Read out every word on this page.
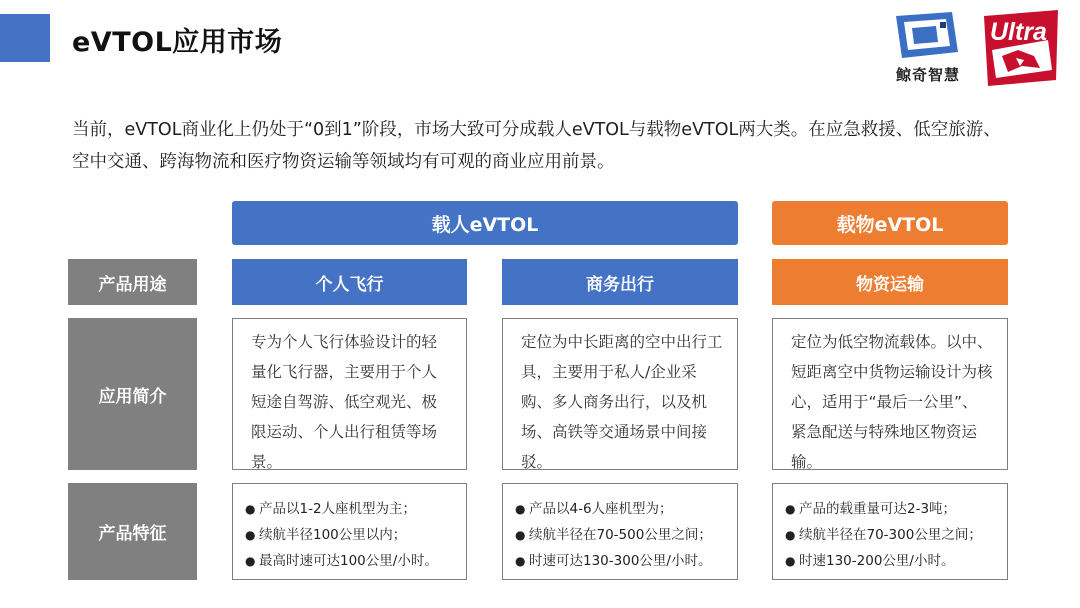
eVTOL应用市场
鲸奇智慧
Ultra
当前，eVTOL商业化上仍处于“0到1”阶段，市场大致可分成载人eVTOL与载物eVTOL两大类。在应急救援、低空旅游、空中交通、跨海物流和医疗物资运输等领域均有可观的商业应用前景。
载人eVTOL	载物eVTOL
产品用途
应用简介
产品特征
个人飞行
专为个人飞行体验设计的轻量化飞行器，主要用于个人短途自驾游、低空观光、极限运动、个人出行租赁等场景。
● 产品以1-2人座机型为主；
● 续航半径100公里以内；
● 最高时速可达100公里/小时。
商务出行
定位为中长距离的空中出行工具，主要用于私人/企业采购、多人商务出行，以及机场、高铁等交通场景中间接驳。
● 产品以4-6人座机型为；
● 续航半径在70-500公里之间；
● 时速可达130-300公里/小时。
物资运输
定位为低空物流载体。以中、短距离空中货物运输设计为核心，适用于“最后一公里”、紧急配送与特殊地区物资运输。
● 产品的载重量可达2-3吨；
● 续航半径在70-300公里之间；
● 时速130-200公里/小时。
